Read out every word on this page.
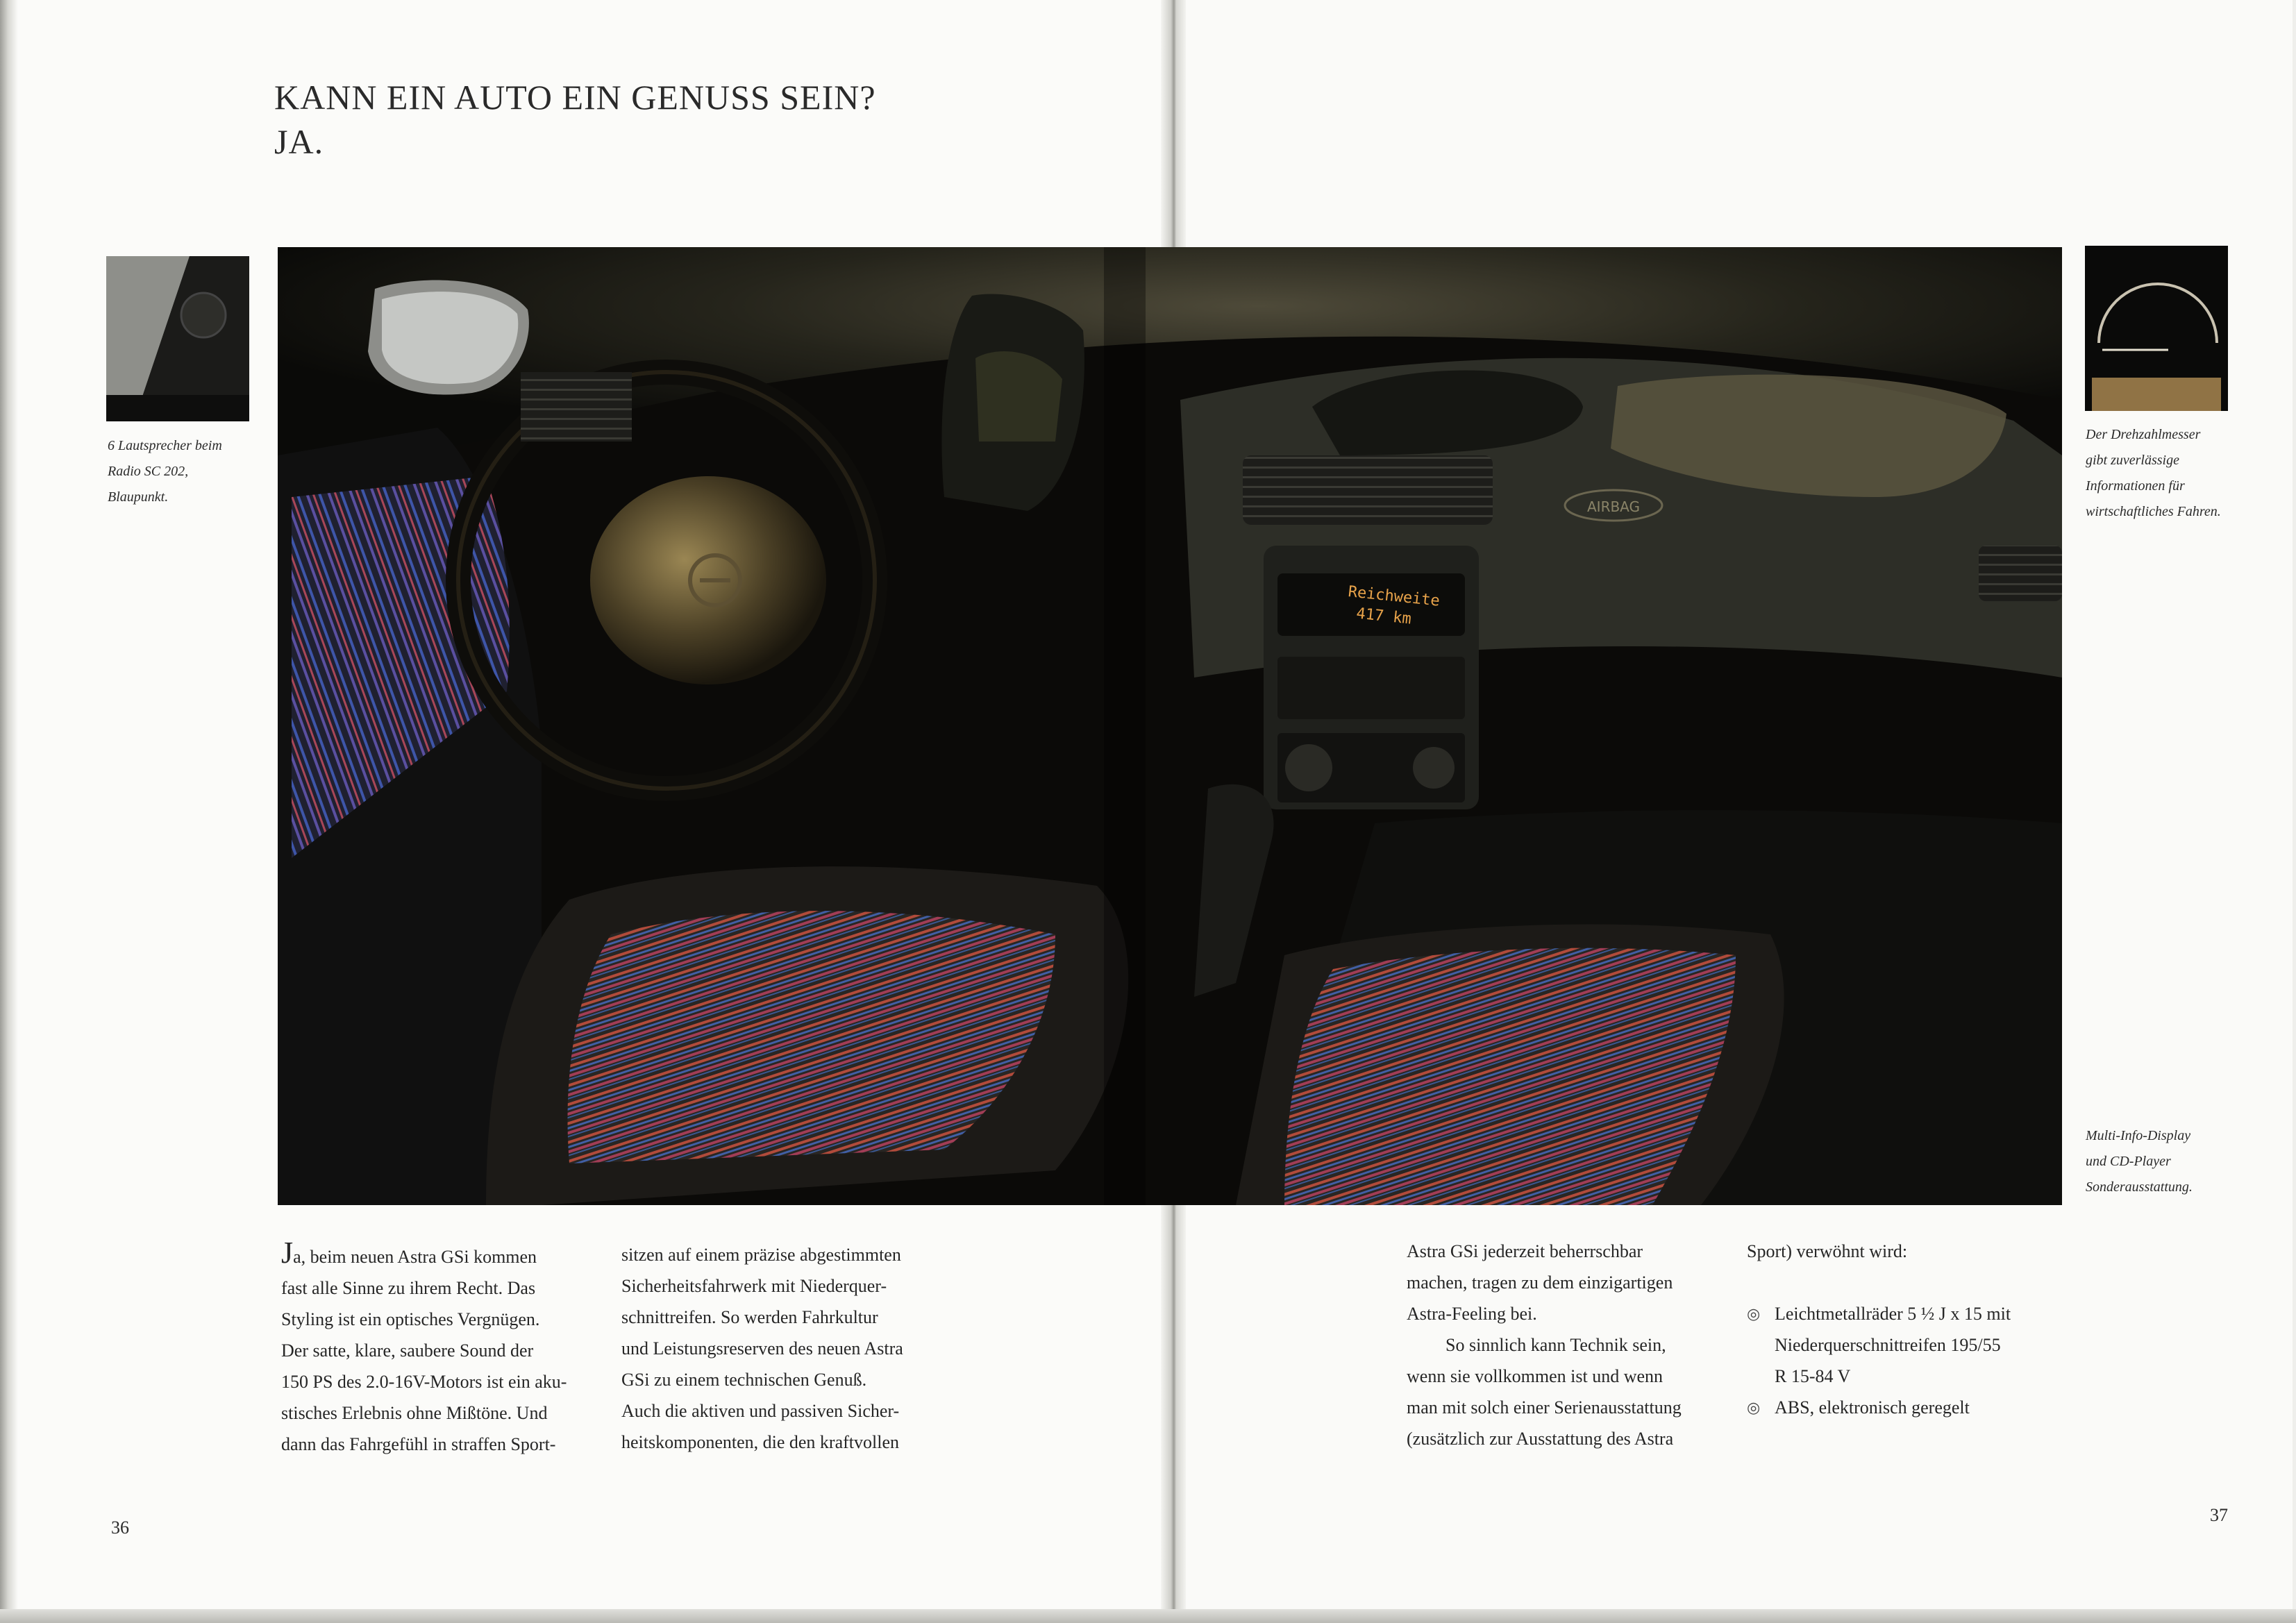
KANN EIN AUTO EIN GENUSS SEIN?
JA.
AIRBAG
Reichweite
417 km

6 Lautsprecher beim
Radio SC 202,
Blaupunkt.

Der Drehzahlmesser
gibt zuverlässige
Informationen für
wirtschaftliches Fahren.

Multi-Info-Display
und CD-Player
Sonderausstattung.

Ja, beim neuen Astra GSi kommen
fast alle Sinne zu ihrem Recht. Das
Styling ist ein optisches Vergnügen.
Der satte, klare, saubere Sound der
150 PS des 2.0-16V-Motors ist ein aku-
stisches Erlebnis ohne Mißtöne. Und
dann das Fahrgefühl in straffen Sport-
sitzen auf einem präzise abgestimmten
Sicherheitsfahrwerk mit Niederquer-
schnittreifen. So werden Fahrkultur
und Leistungsreserven des neuen Astra
GSi zu einem technischen Genuß.
Auch die aktiven und passiven Sicher-
heitskomponenten, die den kraftvollen
Astra GSi jederzeit beherrschbar
machen, tragen zu dem einzigartigen
Astra-Feeling bei.
So sinnlich kann Technik sein,
wenn sie vollkommen ist und wenn
man mit solch einer Serienausstattung
(zusätzlich zur Ausstattung des Astra
Sport) verwöhnt wird:
◎ Leichtmetallräder 5 ½ J x 15 mit
Niederquerschnittreifen 195/55
R 15-84 V
◎ ABS, elektronisch geregelt

36

37
